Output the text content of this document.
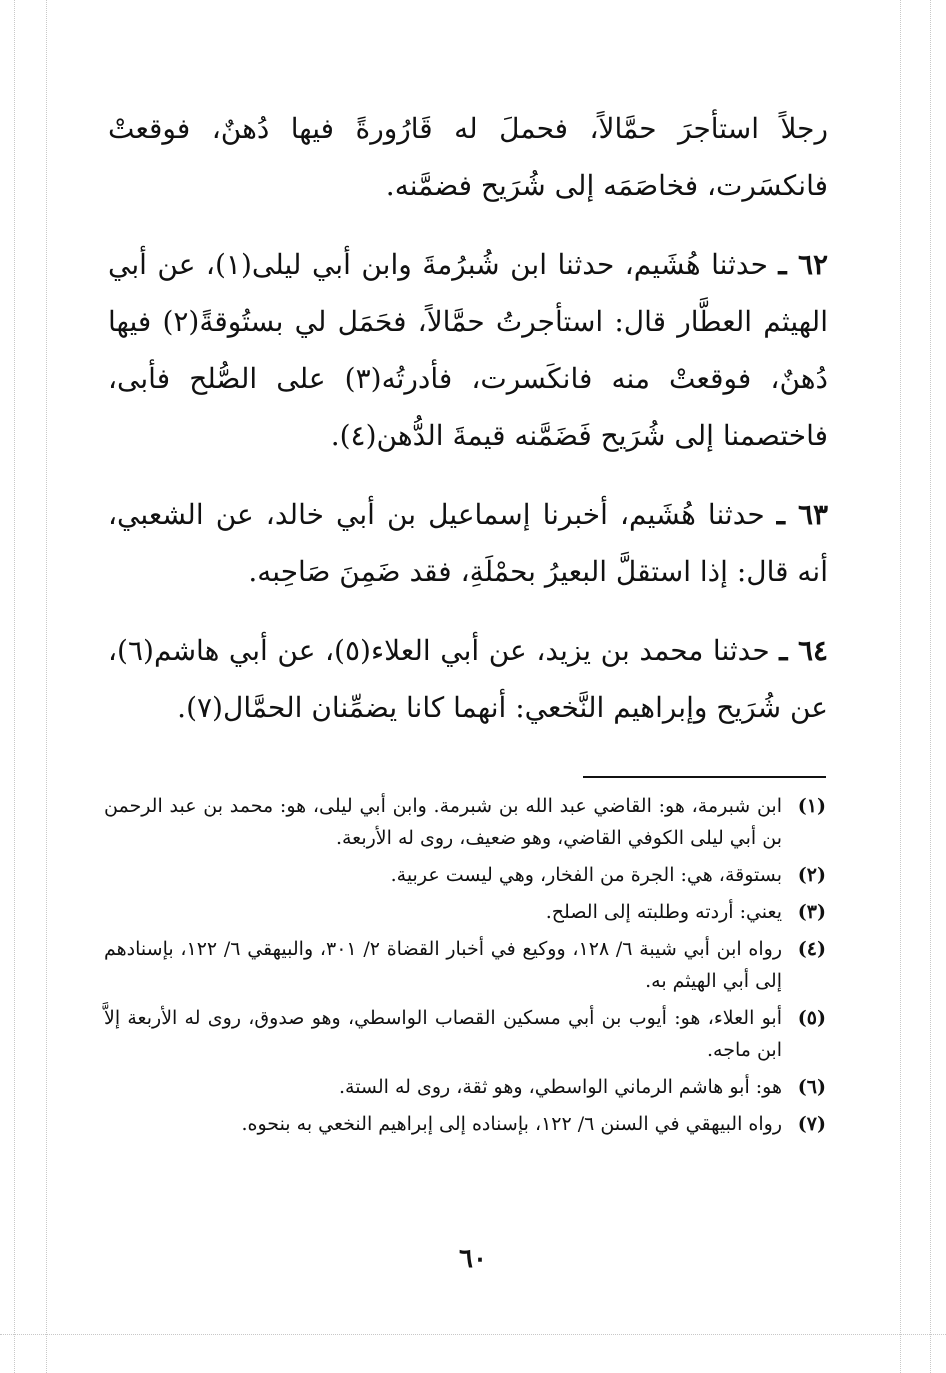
رجلاً استأجرَ حمَّالاً، فحملَ له قَارُورةً فيها دُهنٌ، فوقعتْ فانكسَرت، فخاصَمَه إلى شُرَيح فضمَّنه.

٦٢ ـ حدثنا هُشَيم، حدثنا ابن شُبرُمةَ وابن أبي ليلى(١)، عن أبي الهيثم العطَّار قال: استأجرتُ حمَّالاً، فحَمَل لي بستُوقةً(٢) فيها دُهنٌ، فوقعتْ منه فانكَسرت، فأدرتُه(٣) على الصُّلح فأبى، فاختصمنا إلى شُرَيح فَضَمَّنه قيمةَ الدُّهن(٤).

٦٣ ـ حدثنا هُشَيم، أخبرنا إسماعيل بن أبي خالد، عن الشعبي، أنه قال: إذا استقلَّ البعيرُ بحمْلَةِ، فقد ضَمِنَ صَاحِبه.

٦٤ ـ حدثنا محمد بن يزيد، عن أبي العلاء(٥)، عن أبي هاشم(٦)، عن شُرَيح وإبراهيم النَّخعي: أنهما كانا يضمِّنان الحمَّال(٧).

(١)
ابن شبرمة، هو: القاضي عبد الله بن شبرمة. وابن أبي ليلى، هو: محمد بن عبد الرحمن بن أبي ليلى الكوفي القاضي، وهو ضعيف، روى له الأربعة.
(٢)
بستوقة، هي: الجرة من الفخار، وهي ليست عربية.
(٣)
يعني: أردته وطلبته إلى الصلح.
(٤)
رواه ابن أبي شيبة ٦/ ١٢٨، ووكيع في أخبار القضاة ٢/ ٣٠١، والبيهقي ٦/ ١٢٢، بإسنادهم إلى أبي الهيثم به.
(٥)
أبو العلاء، هو: أيوب بن أبي مسكين القصاب الواسطي، وهو صدوق، روى له الأربعة إلاَّ ابن ماجه.
(٦)
هو: أبو هاشم الرماني الواسطي، وهو ثقة، روى له الستة.
(٧)
رواه البيهقي في السنن ٦/ ١٢٢، بإسناده إلى إبراهيم النخعي به بنحوه.
٦٠
